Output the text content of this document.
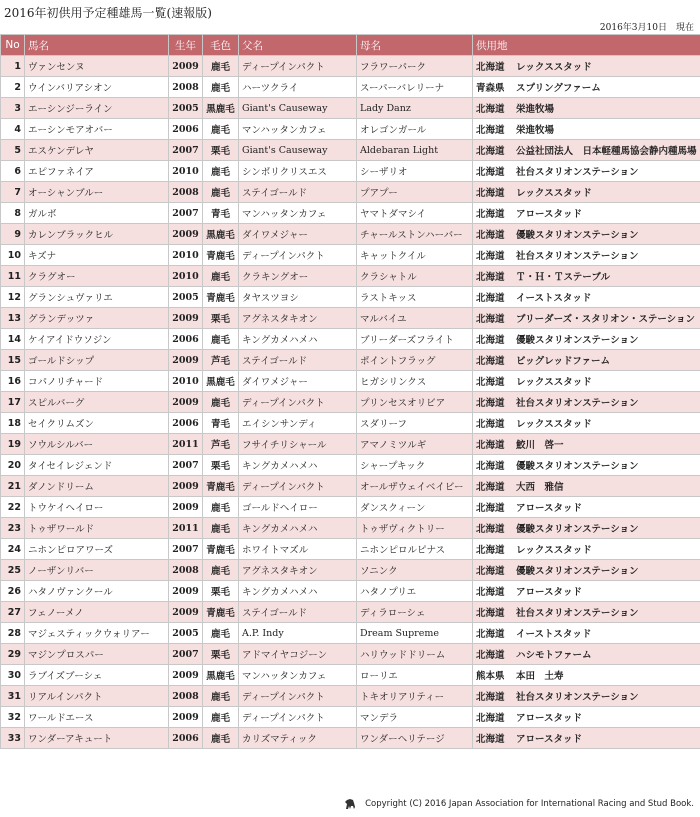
2016年初供用予定種雄馬一覧(速報版)
2016年3月10日　現在
No	馬名	生年	毛色	父名	母名	供用地
1	ヴァンセンヌ	2009	鹿毛	ディープインパクト	フラワーパーク	北海道 レックススタッド
2	ウインバリアシオン	2008	鹿毛	ハーツクライ	スーパーバレリーナ	青森県 スプリングファーム
3	エーシンジーライン	2005	黒鹿毛	Giant's Causeway	Lady Danz	北海道 栄進牧場
4	エーシンモアオバー	2006	鹿毛	マンハッタンカフェ	オレゴンガール	北海道 栄進牧場
5	エスケンデレヤ	2007	栗毛	Giant's Causeway	Aldebaran Light	北海道 公益社団法人　日本軽種馬協会静内種馬場
6	エピファネイア	2010	鹿毛	シンボリクリスエス	シーザリオ	北海道 社台スタリオンステーション
7	オーシャンブルー	2008	鹿毛	ステイゴールド	プアプー	北海道 レックススタッド
8	ガルボ	2007	青毛	マンハッタンカフェ	ヤマトダマシイ	北海道 アロースタッド
9	カレンブラックヒル	2009	黒鹿毛	ダイワメジャー	チャールストンハーバー	北海道 優駿スタリオンステーション
10	キズナ	2010	青鹿毛	ディープインパクト	キャットクイル	北海道 社台スタリオンステーション
11	クラグオー	2010	鹿毛	クラキングオー	クラシャトル	北海道 Ｔ・Ｈ・Ｔステーブル
12	グランシュヴァリエ	2005	青鹿毛	タヤスツヨシ	ラストキッス	北海道 イーストスタッド
13	グランデッツァ	2009	栗毛	アグネスタキオン	マルバイユ	北海道 ブリーダーズ・スタリオン・ステーション
14	ケイアイドウソジン	2006	鹿毛	キングカメハメハ	ブリーダーズフライト	北海道 優駿スタリオンステーション
15	ゴールドシップ	2009	芦毛	ステイゴールド	ポイントフラッグ	北海道 ビッグレッドファーム
16	コパノリチャード	2010	黒鹿毛	ダイワメジャー	ヒガシリンクス	北海道 レックススタッド
17	スピルバーグ	2009	鹿毛	ディープインパクト	プリンセスオリビア	北海道 社台スタリオンステーション
18	セイクリムズン	2006	青毛	エイシンサンディ	スダリーフ	北海道 レックススタッド
19	ソウルシルバー	2011	芦毛	フサイチリシャール	アマノミツルギ	北海道 鮫川　啓一
20	タイセイレジェンド	2007	栗毛	キングカメハメハ	シャープキック	北海道 優駿スタリオンステーション
21	ダノンドリーム	2009	青鹿毛	ディープインパクト	オールザウェイベイビー	北海道 大西　雅信
22	トウケイヘイロー	2009	鹿毛	ゴールドヘイロー	ダンスクィーン	北海道 アロースタッド
23	トゥザワールド	2011	鹿毛	キングカメハメハ	トゥザヴィクトリー	北海道 優駿スタリオンステーション
24	ニホンピロアワーズ	2007	青鹿毛	ホワイトマズル	ニホンピロルピナス	北海道 レックススタッド
25	ノーザンリバー	2008	鹿毛	アグネスタキオン	ソニンク	北海道 優駿スタリオンステーション
26	ハタノヴァンクール	2009	栗毛	キングカメハメハ	ハタノプリエ	北海道 アロースタッド
27	フェノーメノ	2009	青鹿毛	ステイゴールド	ディラローシェ	北海道 社台スタリオンステーション
28	マジェスティックウォリアー	2005	鹿毛	A.P. Indy	Dream Supreme	北海道 イーストスタッド
29	マジンプロスパー	2007	栗毛	アドマイヤコジーン	ハリウッドドリーム	北海道 ハシモトファーム
30	ラブイズブーシェ	2009	黒鹿毛	マンハッタンカフェ	ローリエ	熊本県 本田　土寿
31	リアルインパクト	2008	鹿毛	ディープインパクト	トキオリアリティー	北海道 社台スタリオンステーション
32	ワールドエース	2009	鹿毛	ディープインパクト	マンデラ	北海道 アロースタッド
33	ワンダーアキュート	2006	鹿毛	カリズマティック	ワンダーヘリテージ	北海道 アロースタッド
Copyright (C) 2016 Japan Association for International Racing and Stud Book.
